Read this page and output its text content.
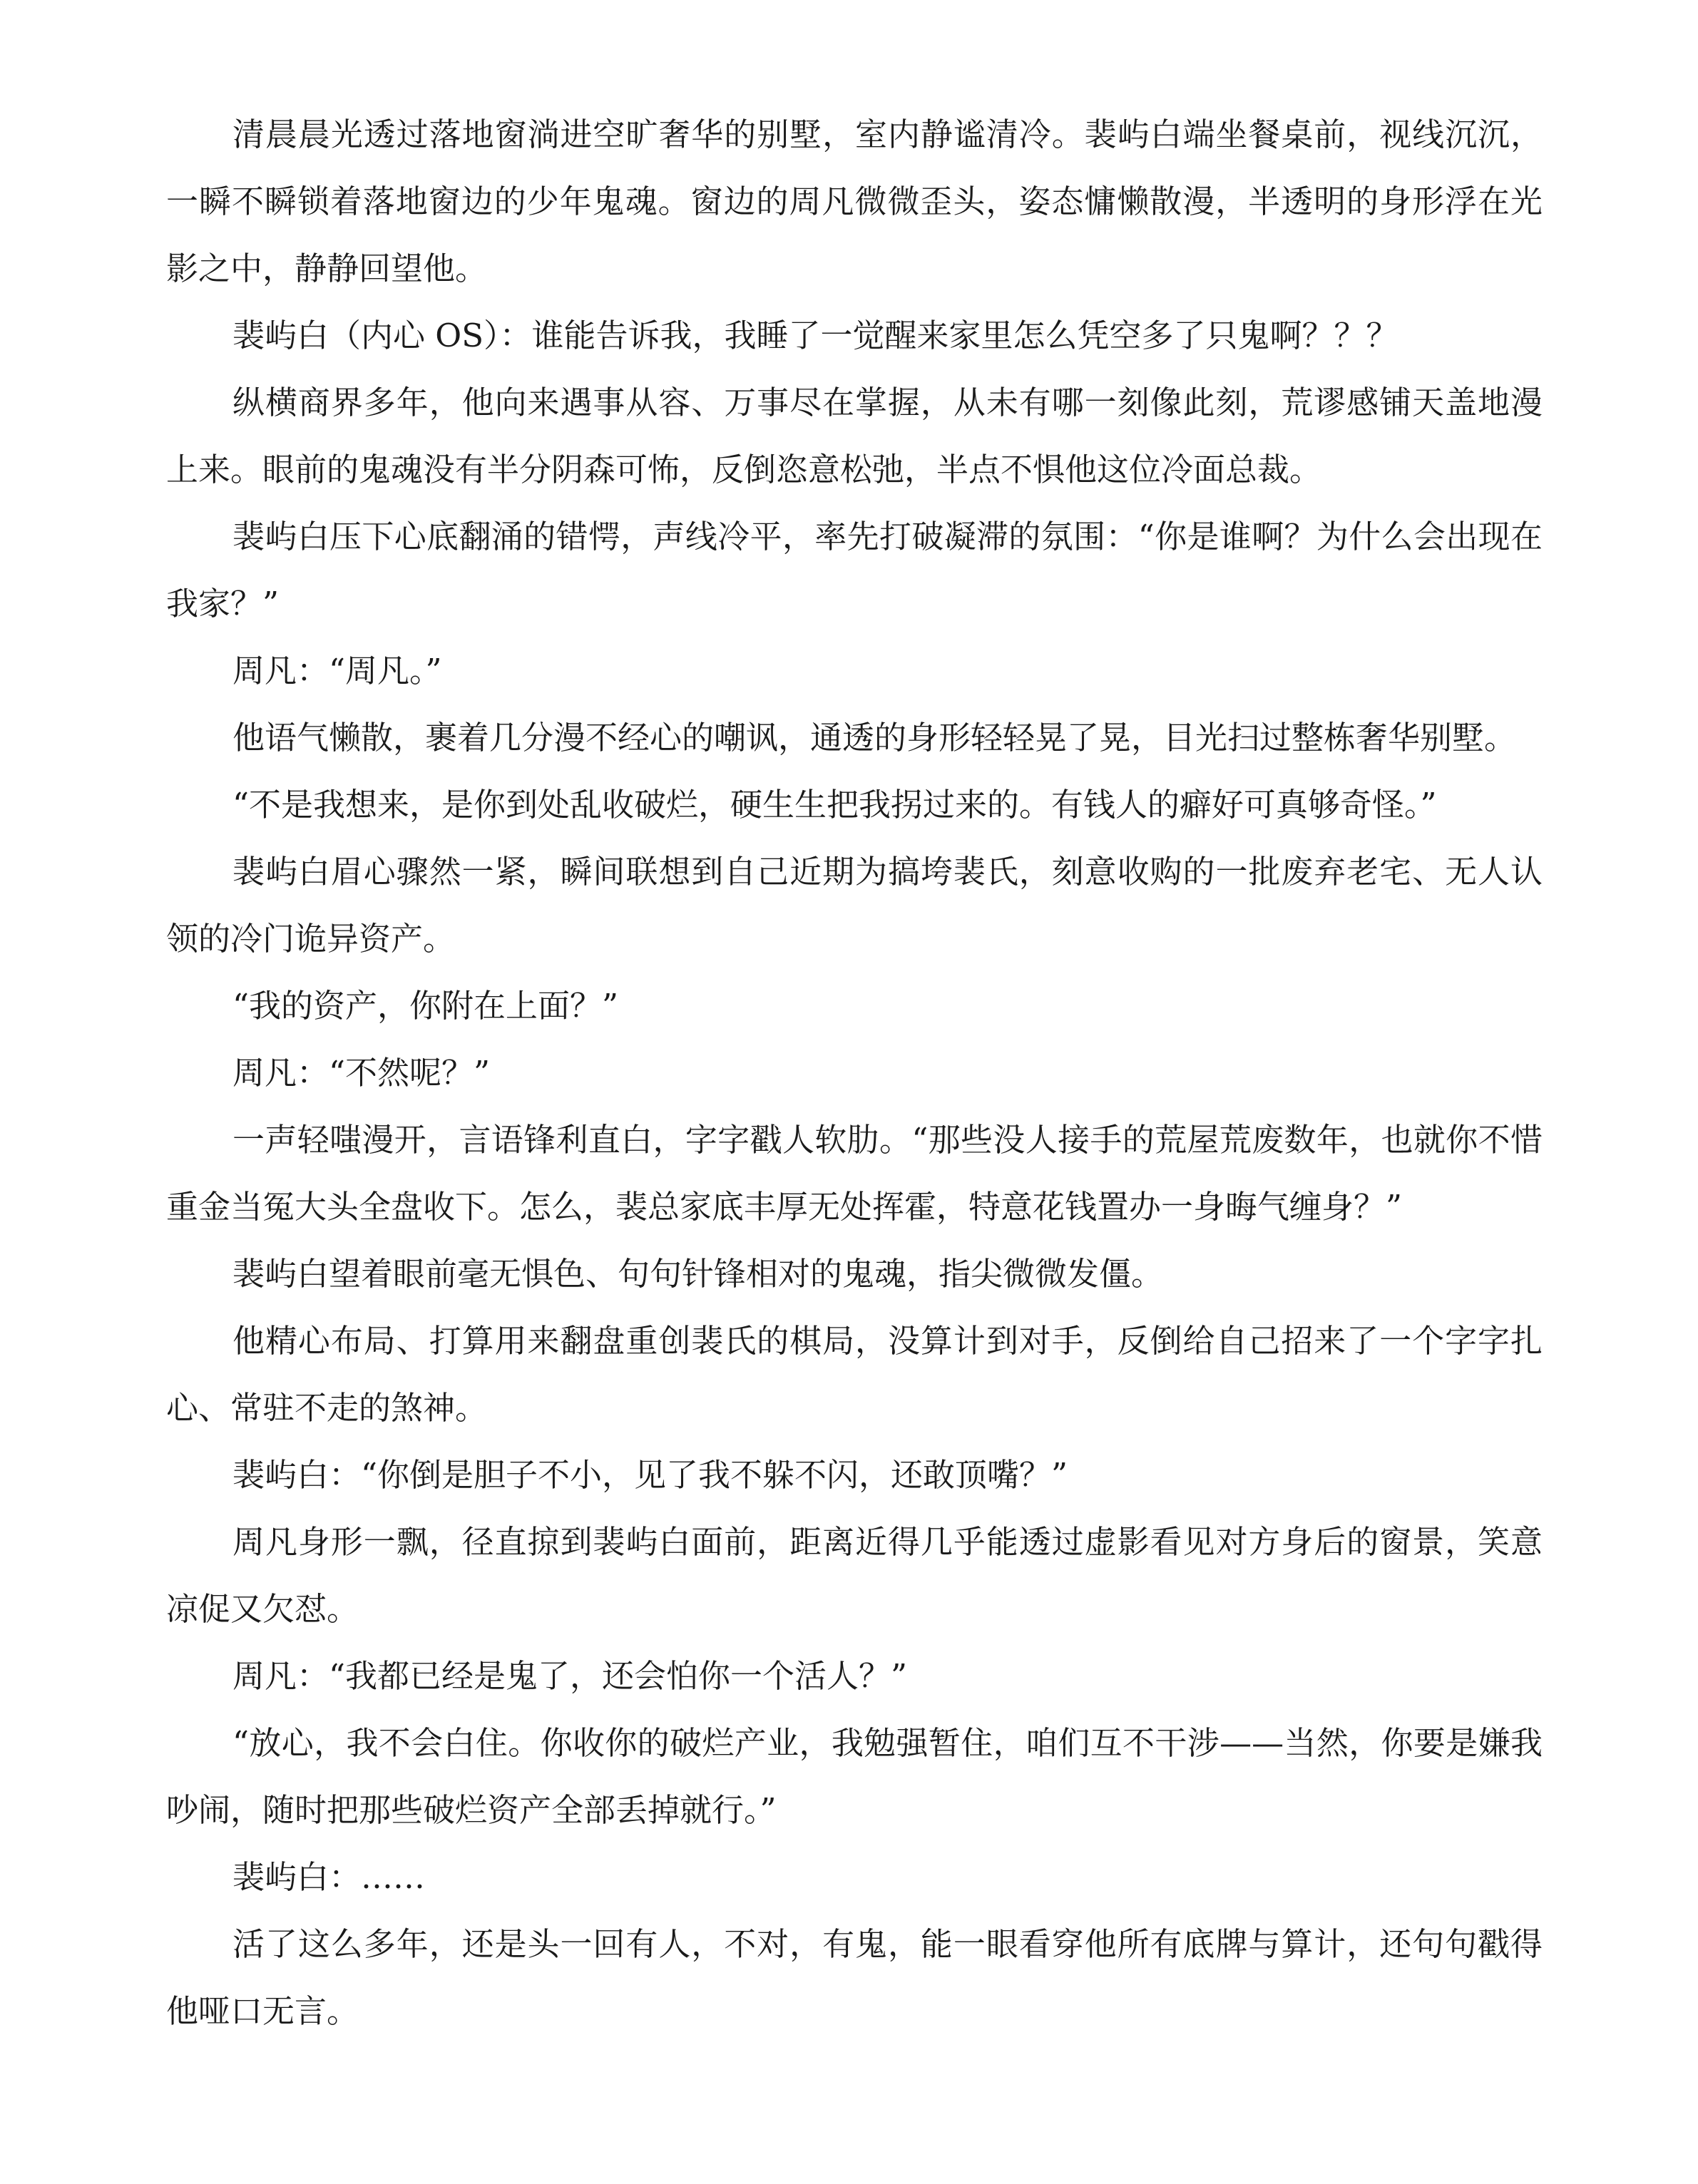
清晨晨光透过落地窗淌进空旷奢华的别墅，室内静谧清冷。裴屿白端坐餐桌前，视线沉沉，一瞬不瞬锁着落地窗边的少年鬼魂。窗边的周凡微微歪头，姿态慵懒散漫，半透明的身形浮在光影之中，静静回望他。

裴屿白（内心 OS）：谁能告诉我，我睡了一觉醒来家里怎么凭空多了只鬼啊？？？

纵横商界多年，他向来遇事从容、万事尽在掌握，从未有哪一刻像此刻，荒谬感铺天盖地漫上来。眼前的鬼魂没有半分阴森可怖，反倒恣意松弛，半点不惧他这位冷面总裁。

裴屿白压下心底翻涌的错愕，声线冷平，率先打破凝滞的氛围：“你是谁啊？为什么会出现在我家？”

周凡：“周凡。”

他语气懒散，裹着几分漫不经心的嘲讽，通透的身形轻轻晃了晃，目光扫过整栋奢华别墅。

“不是我想来，是你到处乱收破烂，硬生生把我拐过来的。有钱人的癖好可真够奇怪。”

裴屿白眉心骤然一紧，瞬间联想到自己近期为搞垮裴氏，刻意收购的一批废弃老宅、无人认领的冷门诡异资产。

“我的资产，你附在上面？”

周凡：“不然呢？”

一声轻嗤漫开，言语锋利直白，字字戳人软肋。“那些没人接手的荒屋荒废数年，也就你不惜重金当冤大头全盘收下。怎么，裴总家底丰厚无处挥霍，特意花钱置办一身晦气缠身？”

裴屿白望着眼前毫无惧色、句句针锋相对的鬼魂，指尖微微发僵。

他精心布局、打算用来翻盘重创裴氏的棋局，没算计到对手，反倒给自己招来了一个字字扎心、常驻不走的煞神。

裴屿白：“你倒是胆子不小，见了我不躲不闪，还敢顶嘴？”

周凡身形一飘，径直掠到裴屿白面前，距离近得几乎能透过虚影看见对方身后的窗景，笑意凉促又欠怼。

周凡：“我都已经是鬼了，还会怕你一个活人？”

“放心，我不会白住。你收你的破烂产业，我勉强暂住，咱们互不干涉——当然，你要是嫌我吵闹，随时把那些破烂资产全部丢掉就行。”

裴屿白：……

活了这么多年，还是头一回有人，不对，有鬼，能一眼看穿他所有底牌与算计，还句句戳得他哑口无言。
